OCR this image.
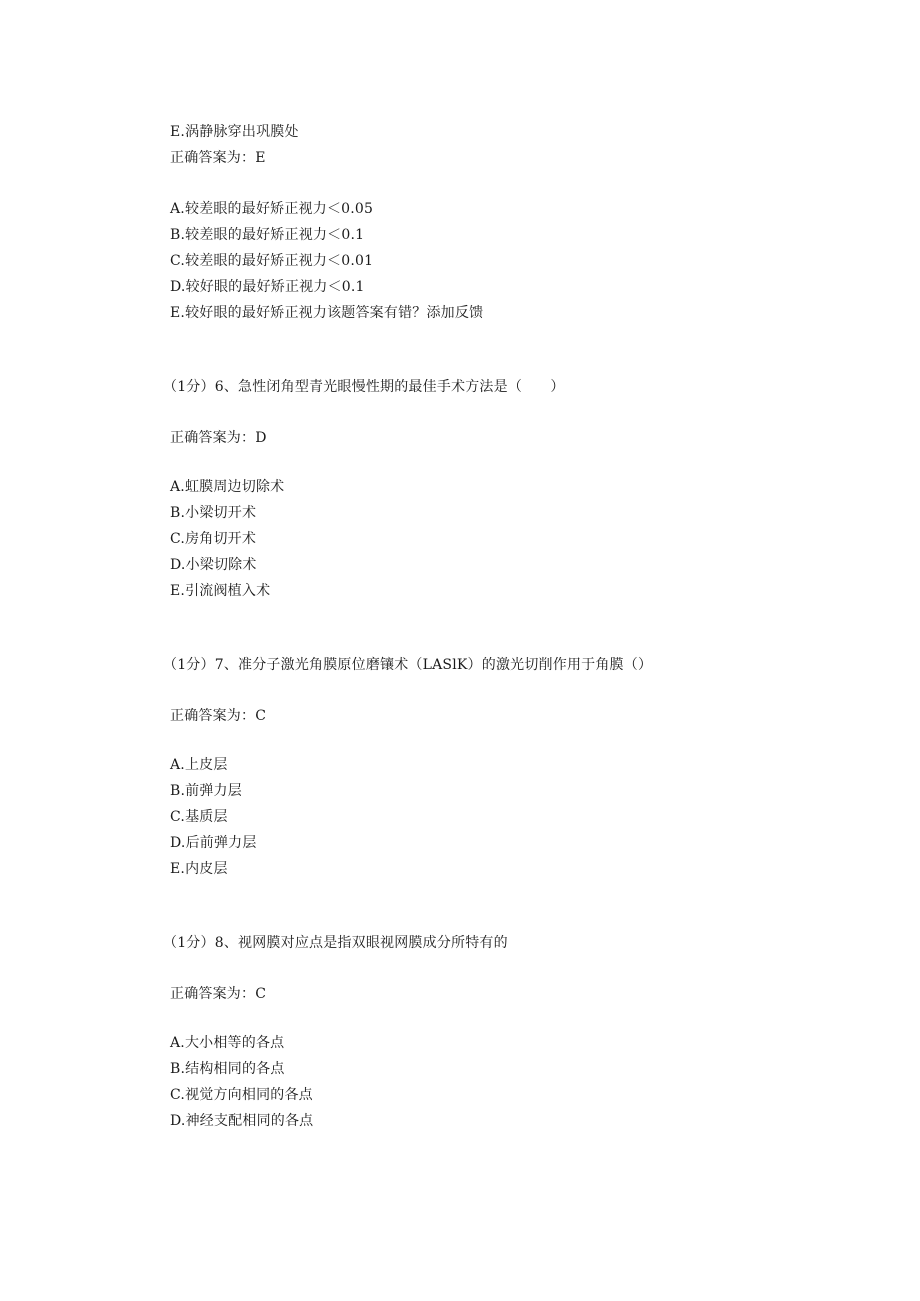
E.涡静脉穿出巩膜处
正确答案为：E
A.较差眼的最好矫正视力＜0.05
B.较差眼的最好矫正视力＜0.1
C.较差眼的最好矫正视力＜0.01
D.较好眼的最好矫正视力＜0.1
E.较好眼的最好矫正视力该题答案有错？添加反馈
（1分）6、急性闭角型青光眼慢性期的最佳手术方法是（　　）
正确答案为：D
A.虹膜周边切除术
B.小梁切开术
C.房角切开术
D.小梁切除术
E.引流阀植入术
（1分）7、准分子激光角膜原位磨镶术（LASlK）的激光切削作用于角膜（）
正确答案为：C
A.上皮层
B.前弹力层
C.基质层
D.后前弹力层
E.内皮层
（1分）8、视网膜对应点是指双眼视网膜成分所特有的
正确答案为：C
A.大小相等的各点
B.结构相同的各点
C.视觉方向相同的各点
D.神经支配相同的各点
